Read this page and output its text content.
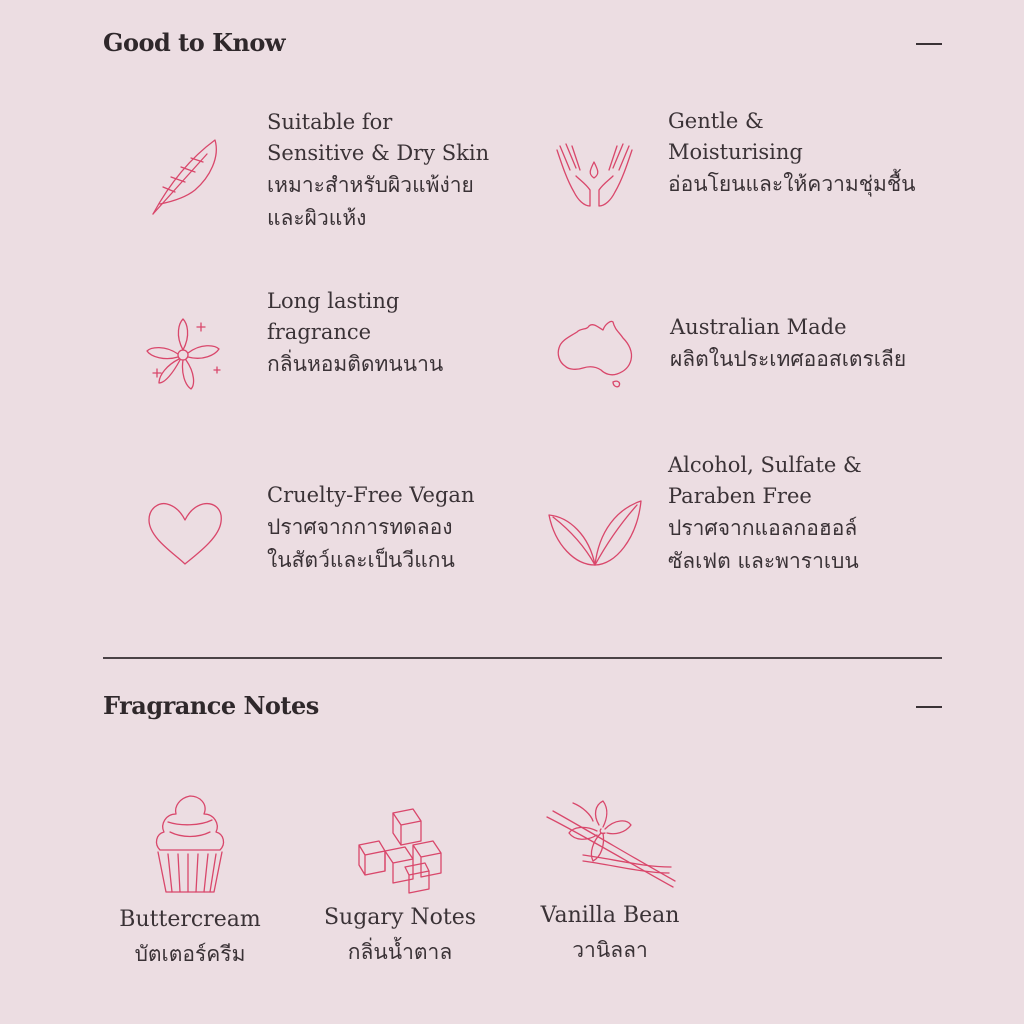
Good to Know
Suitable for
Sensitive & Dry Skin
เหมาะสำหรับผิวแพ้ง่าย
และผิวแห้ง
Gentle &
Moisturising
อ่อนโยนและให้ความชุ่มชื้น
Long lasting
fragrance
กลิ่นหอมติดทนนาน
Australian Made
ผลิตในประเทศออสเตรเลีย
Cruelty-Free Vegan
ปราศจากการทดลอง
ในสัตว์และเป็นวีแกน
Alcohol, Sulfate &
Paraben Free
ปราศจากแอลกอฮอล์
ซัลเฟต และพาราเบน
Fragrance Notes
Buttercream
บัตเตอร์ครีม
Sugary Notes
กลิ่นน้ำตาล
Vanilla Bean
วานิลลา
